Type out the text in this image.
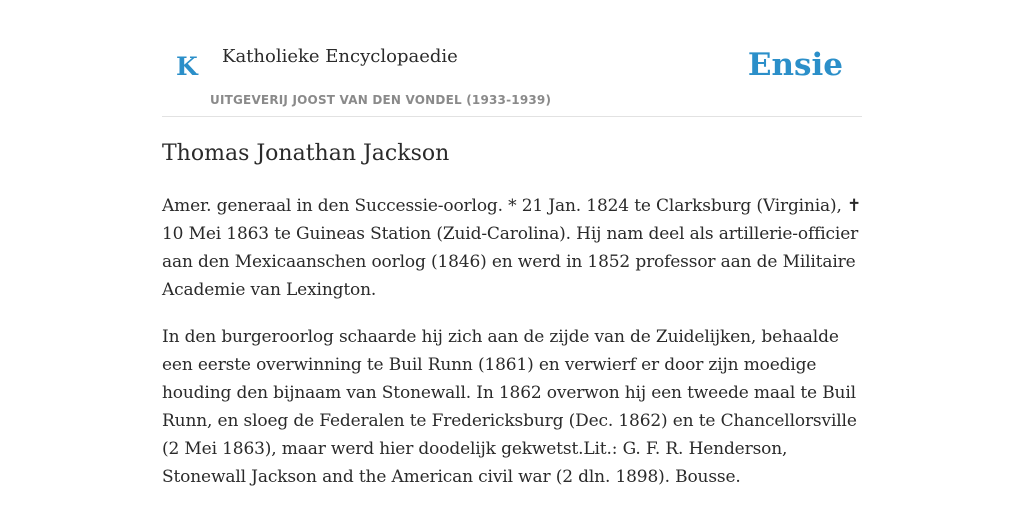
K Katholieke Encyclopaedie
UITGEVERIJ JOOST VAN DEN VONDEL (1933-1939)
Ensie
Thomas Jonathan Jackson

Amer. generaal in den Successie-oorlog. * 21 Jan. 1824 te Clarksburg (Virginia), ✝ 10 Mei 1863 te Guineas Station (Zuid-Carolina). Hij nam deel als artillerie-officier aan den Mexicaanschen oorlog (1846) en werd in 1852 professor aan de Militaire Academie van Lexington.

In den burgeroorlog schaarde hij zich aan de zijde van de Zuidelijken, behaalde een eerste overwinning te Buil Runn (1861) en verwierf er door zijn moedige houding den bijnaam van Stonewall. In 1862 overwon hij een tweede maal te Buil Runn, en sloeg de Federalen te Fredericksburg (Dec. 1862) en te Chancellorsville (2 Mei 1863), maar werd hier doodelijk gekwetst.Lit.: G. F. R. Henderson, Stonewall Jackson and the American civil war (2 dln. 1898). Bousse.
